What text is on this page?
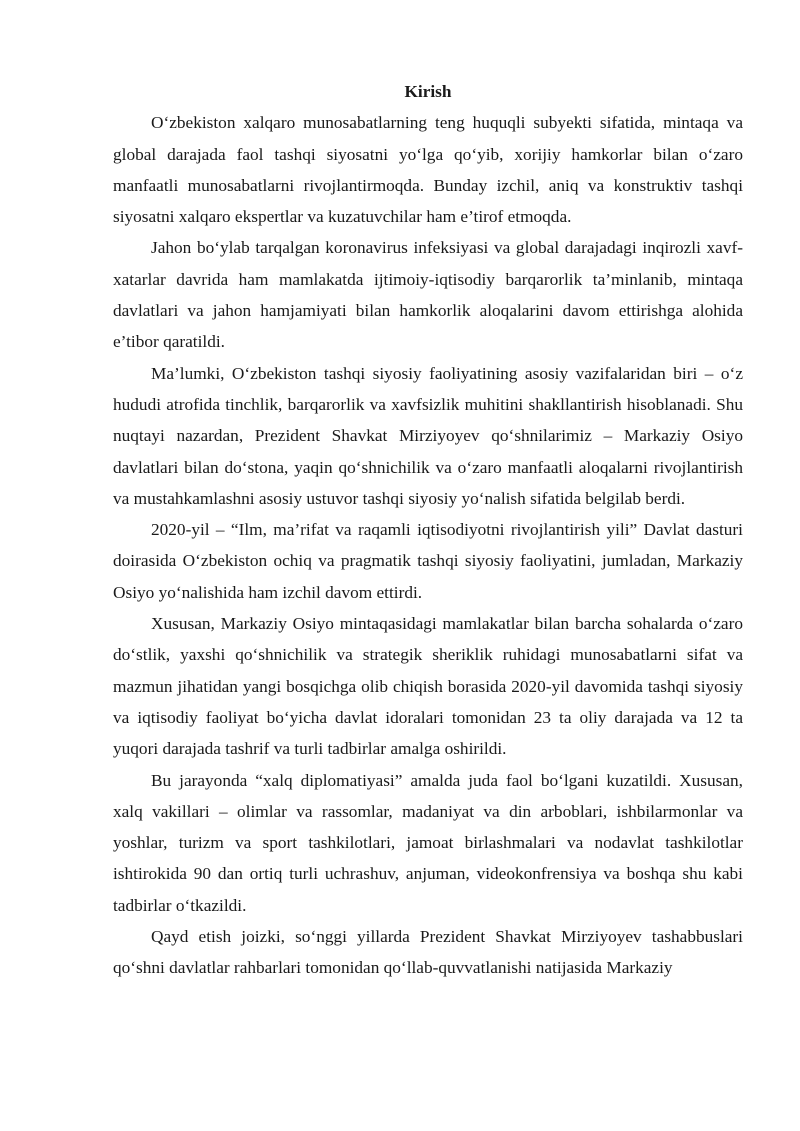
Kirish

O‘zbekiston xalqaro munosabatlarning teng huquqli subyekti sifatida, mintaqa va global darajada faol tashqi siyosatni yo‘lga qo‘yib, xorijiy hamkorlar bilan o‘zaro manfaatli munosabatlarni rivojlantirmoqda. Bunday izchil, aniq va konstruktiv tashqi siyosatni xalqaro ekspertlar va kuzatuvchilar ham e’tirof etmoqda.

Jahon bo‘ylab tarqalgan koronavirus infeksiyasi va global darajadagi inqirozli xavf-xatarlar davrida ham mamlakatda ijtimoiy-iqtisodiy barqarorlik ta’minlanib, mintaqa davlatlari va jahon hamjamiyati bilan hamkorlik aloqalarini davom ettirishga alohida e’tibor qaratildi.

Ma’lumki, O‘zbekiston tashqi siyosiy faoliyatining asosiy vazifalaridan biri – o‘z hududi atrofida tinchlik, barqarorlik va xavfsizlik muhitini shakllantirish hisoblanadi. Shu nuqtayi nazardan, Prezident Shavkat Mirziyoyev qo‘shnilarimiz – Markaziy Osiyo davlatlari bilan do‘stona, yaqin qo‘shnichilik va o‘zaro manfaatli aloqalarni rivojlantirish va mustahkamlashni asosiy ustuvor tashqi siyosiy yo‘nalish sifatida belgilab berdi.

2020-yil – “Ilm, ma’rifat va raqamli iqtisodiyotni rivojlantirish yili” Davlat dasturi doirasida O‘zbekiston ochiq va pragmatik tashqi siyosiy faoliyatini, jumladan, Markaziy Osiyo yo‘nalishida ham izchil davom ettirdi.

Xususan, Markaziy Osiyo mintaqasidagi mamlakatlar bilan barcha sohalarda o‘zaro do‘stlik, yaxshi qo‘shnichilik va strategik sheriklik ruhidagi munosabatlarni sifat va mazmun jihatidan yangi bosqichga olib chiqish borasida 2020-yil davomida tashqi siyosiy va iqtisodiy faoliyat bo‘yicha davlat idoralari tomonidan 23 ta oliy darajada va 12 ta yuqori darajada tashrif va turli tadbirlar amalga oshirildi.

Bu jarayonda “xalq diplomatiyasi” amalda juda faol bo‘lgani kuzatildi. Xususan, xalq vakillari – olimlar va rassomlar, madaniyat va din arboblari, ishbilarmonlar va yoshlar, turizm va sport tashkilotlari, jamoat birlashmalari va nodavlat tashkilotlar ishtirokida 90 dan ortiq turli uchrashuv, anjuman, videokonfrensiya va boshqa shu kabi tadbirlar o‘tkazildi.

Qayd etish joizki, so‘nggi yillarda Prezident Shavkat Mirziyoyev tashabbuslari qo‘shni davlatlar rahbarlari tomonidan qo‘llab-quvvatlanishi natijasida Markaziy
